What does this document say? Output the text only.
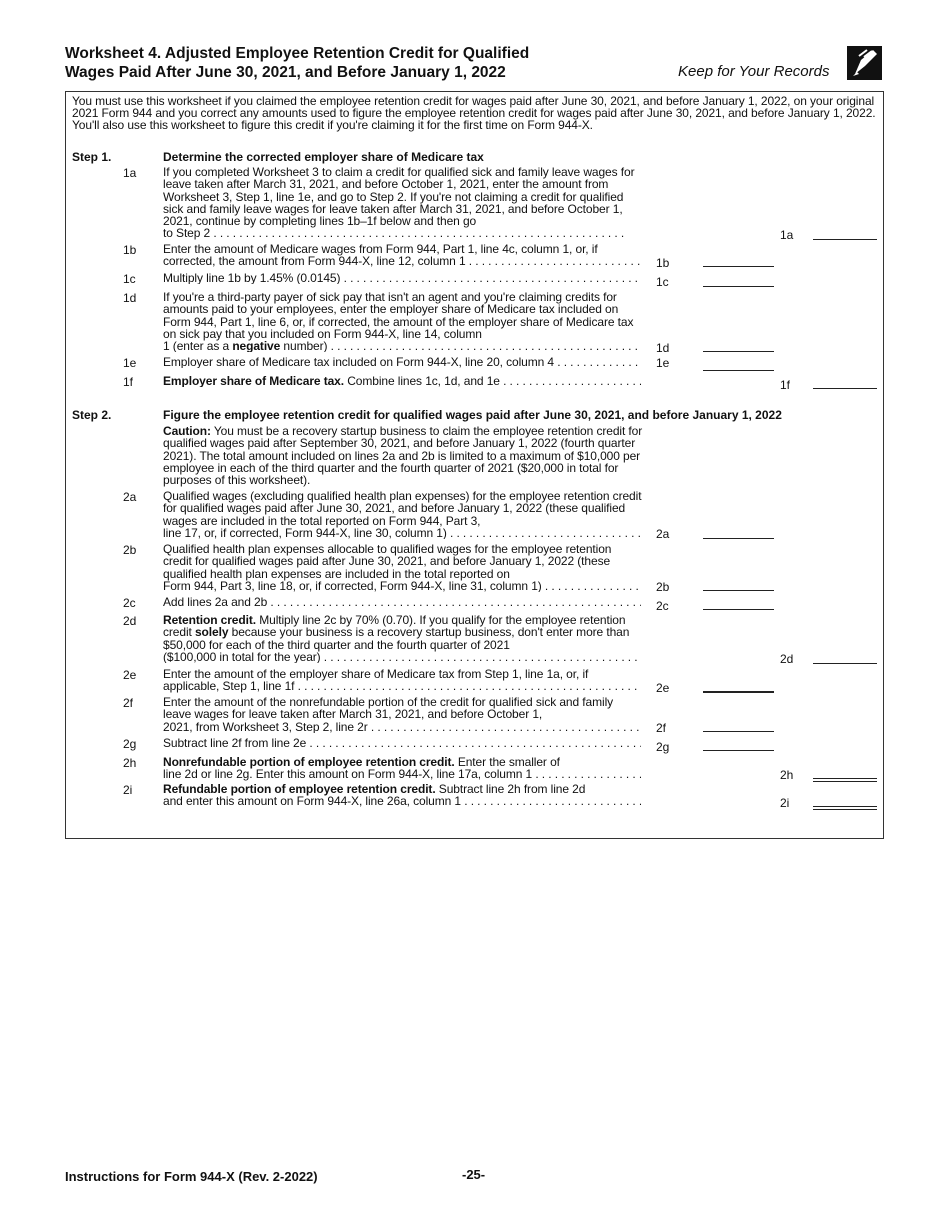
Worksheet 4. Adjusted Employee Retention Credit for Qualified
Wages Paid After June 30, 2021, and Before January 1, 2022	Keep for Your Records
You must use this worksheet if you claimed the employee retention credit for wages paid after June 30, 2021, and before January 1, 2022, on your original 2021 Form 944 and you correct any amounts used to figure the employee retention credit for wages paid after June 30, 2021, and before January 1, 2022. You'll also use this worksheet to figure this credit if you're claiming it for the first time on Form 944-X.
Step 1.	Determine the corrected employer share of Medicare tax
1a If you completed Worksheet 3 to claim a credit for qualified sick and family leave wages for leave taken after March 31, 2021, and before October 1, 2021, enter the amount from Worksheet 3, Step 1, line 1e, and go to Step 2. If you're not claiming a credit for qualified sick and family leave wages for leave taken after March 31, 2021, and before October 1, 2021, continue by completing lines 1b–1f below and then go
to Step 2 . . .	1a
1b Enter the amount of Medicare wages from Form 944, Part 1, line 4c, column 1, or, if
corrected, the amount from Form 944-X, line 12, column 1 . . .	1b
1c Multiply line 1b by 1.45% (0.0145) . . .	1c
1d If you're a third-party payer of sick pay that isn't an agent and you're claiming credits for amounts paid to your employees, enter the employer share of Medicare tax included on Form 944, Part 1, line 6, or, if corrected, the amount of the employer share of Medicare tax on sick pay that you included on Form 944-X, line 14, column
1 (enter as a negative number) . . .	1d
1e Employer share of Medicare tax included on Form 944-X, line 20, column 4 . . .	1e
1f Employer share of Medicare tax. Combine lines 1c, 1d, and 1e . . .	1f
Step 2.	Figure the employee retention credit for qualified wages paid after June 30, 2021, and before January 1, 2022
Caution: You must be a recovery startup business to claim the employee retention credit for qualified wages paid after September 30, 2021, and before January 1, 2022 (fourth quarter 2021). The total amount included on lines 2a and 2b is limited to a maximum of $10,000 per employee in each of the third quarter and the fourth quarter of 2021 ($20,000 in total for purposes of this worksheet).
2a Qualified wages (excluding qualified health plan expenses) for the employee retention credit for qualified wages paid after June 30, 2021, and before January 1, 2022 (these qualified wages are included in the total reported on Form 944, Part 3,
line 17, or, if corrected, Form 944-X, line 30, column 1) . . .	2a
2b Qualified health plan expenses allocable to qualified wages for the employee retention credit for qualified wages paid after June 30, 2021, and before January 1, 2022 (these qualified health plan expenses are included in the total reported on
Form 944, Part 3, line 18, or, if corrected, Form 944-X, line 31, column 1) . . .	2b
2c Add lines 2a and 2b . . .	2c
2d Retention credit. Multiply line 2c by 70% (0.70). If you qualify for the employee retention credit solely because your business is a recovery startup business, don't enter more than $50,000 for each of the third quarter and the fourth quarter of 2021
($100,000 in total for the year) . . .	2d
2e Enter the amount of the employer share of Medicare tax from Step 1, line 1a, or, if
applicable, Step 1, line 1f . . .	2e
2f Enter the amount of the nonrefundable portion of the credit for qualified sick and family leave wages for leave taken after March 31, 2021, and before October 1,
2021, from Worksheet 3, Step 2, line 2r . . .	2f
2g Subtract line 2f from line 2e . . .	2g
2h Nonrefundable portion of employee retention credit. Enter the smaller of
line 2d or line 2g. Enter this amount on Form 944-X, line 17a, column 1 . . .	2h
2i	Refundable portion of employee retention credit. Subtract line 2h from line 2d
and enter this amount on Form 944-X, line 26a, column 1 . . .	2i
Instructions for Form 944-X (Rev. 2-2022)	-25-
